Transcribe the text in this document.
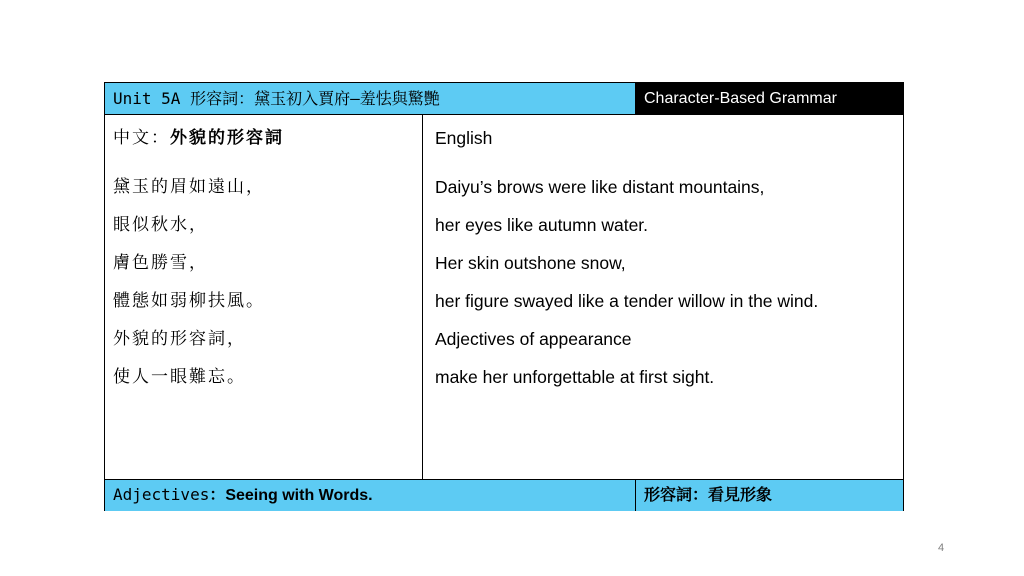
Unit 5A 形容詞：黛玉初入賈府—羞怯與驚艷	Character-Based Grammar
中文：外貌的形容詞
黛玉的眉如遠山，
眼似秋水，
膚色勝雪，
體態如弱柳扶風。
外貌的形容詞，
使人一眼難忘。
English
Daiyu’s brows were like distant mountains,
her eyes like autumn water.
Her skin outshone snow,
her figure swayed like a tender willow in the wind.
Adjectives of appearance
make her unforgettable at first sight.
Adjectives：Seeing with Words.	形容詞：看見形象
4
